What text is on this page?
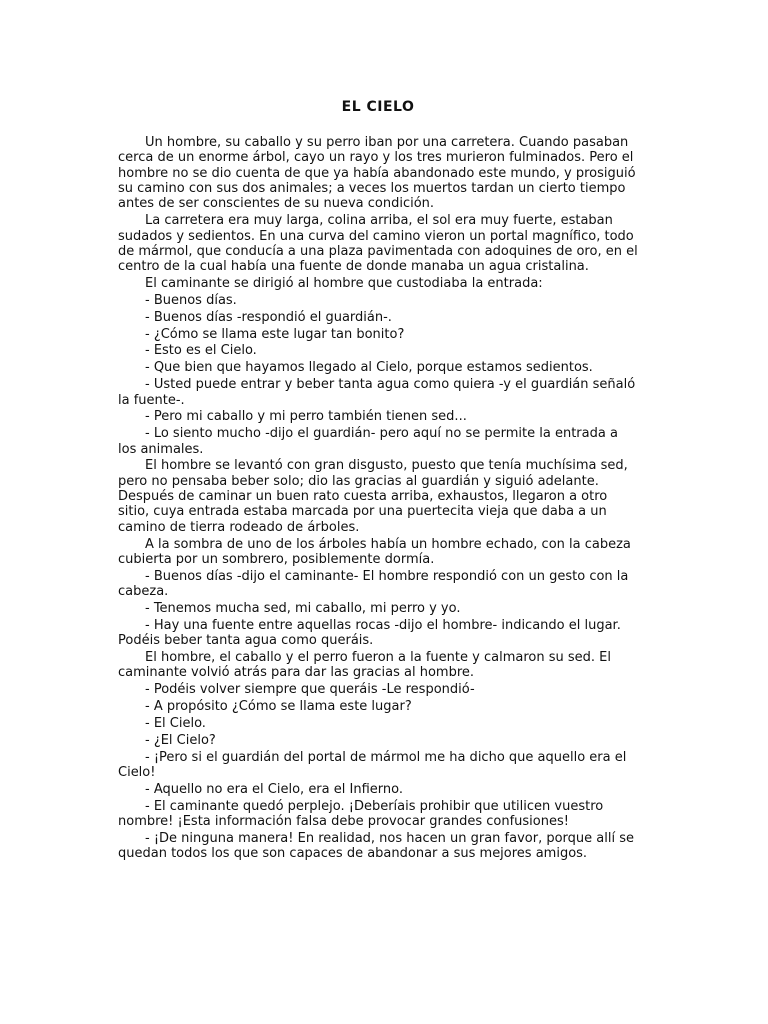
EL CIELO

Un hombre, su caballo y su perro iban por una carretera. Cuando pasaban cerca de un enorme árbol, cayo un rayo y los tres murieron fulminados. Pero el hombre no se dio cuenta de que ya había abandonado este mundo, y prosiguió su camino con sus dos animales; a veces los muertos tardan un cierto tiempo antes de ser conscientes de su nueva condición.

La carretera era muy larga, colina arriba, el sol era muy fuerte, estaban sudados y sedientos. En una curva del camino vieron un portal magnífico, todo de mármol, que conducía a una plaza pavimentada con adoquines de oro, en el centro de la cual había una fuente de donde manaba un agua cristalina.

El caminante se dirigió al hombre que custodiaba la entrada:

- Buenos días.

- Buenos días -respondió el guardián-.

- ¿Cómo se llama este lugar tan bonito?

- Esto es el Cielo.

- Que bien que hayamos llegado al Cielo, porque estamos sedientos.

- Usted puede entrar y beber tanta agua como quiera -y el guardián señaló la fuente-.

- Pero mi caballo y mi perro también tienen sed...

- Lo siento mucho -dijo el guardián- pero aquí no se permite la entrada a los animales.

El hombre se levantó con gran disgusto, puesto que tenía muchísima sed, pero no pensaba beber solo; dio las gracias al guardián y siguió adelante. Después de caminar un buen rato cuesta arriba, exhaustos, llegaron a otro sitio, cuya entrada estaba marcada por una puertecita vieja que daba a un camino de tierra rodeado de árboles.

A la sombra de uno de los árboles había un hombre echado, con la cabeza cubierta por un sombrero, posiblemente dormía.

- Buenos días -dijo el caminante- El hombre respondió con un gesto con la cabeza.

- Tenemos mucha sed, mi caballo, mi perro y yo.

- Hay una fuente entre aquellas rocas -dijo el hombre- indicando el lugar. Podéis beber tanta agua como queráis.

El hombre, el caballo y el perro fueron a la fuente y calmaron su sed. El caminante volvió atrás para dar las gracias al hombre.

- Podéis volver siempre que queráis -Le respondió-

- A propósito ¿Cómo se llama este lugar?

- El Cielo.

- ¿El Cielo?

- ¡Pero si el guardián del portal de mármol me ha dicho que aquello era el Cielo!

- Aquello no era el Cielo, era el Infierno.

- El caminante quedó perplejo. ¡Deberíais prohibir que utilicen vuestro nombre! ¡Esta información falsa debe provocar grandes confusiones!

- ¡De ninguna manera! En realidad, nos hacen un gran favor, porque allí se quedan todos los que son capaces de abandonar a sus mejores amigos.
